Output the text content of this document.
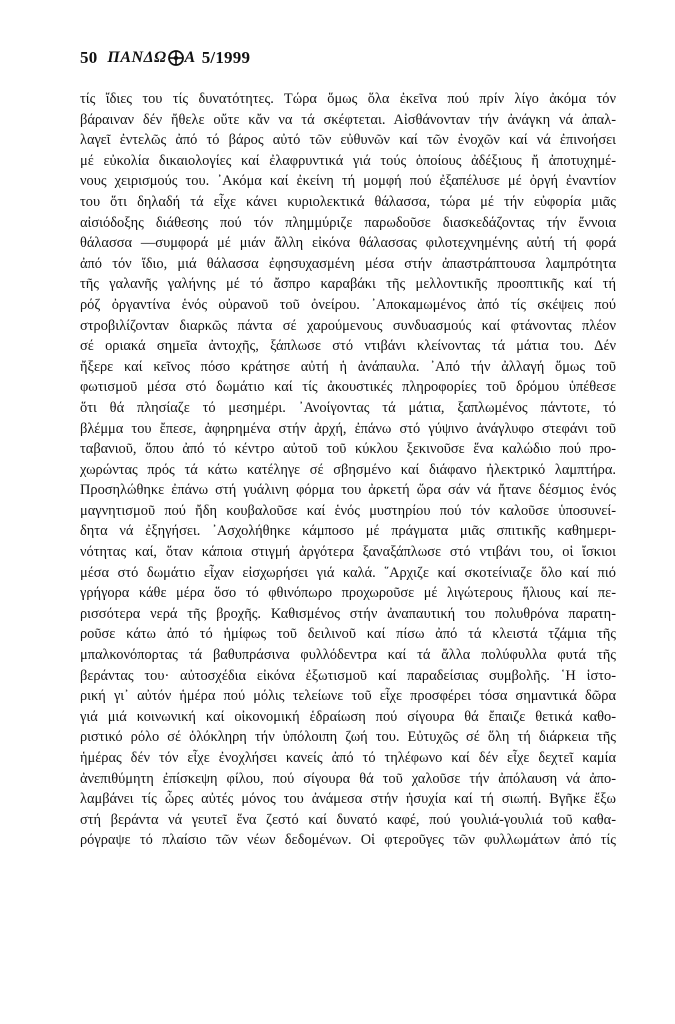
50 ΠΑΝΔΩ Α 5/1999
τίς ἴδιες του τίς δυνατότητες. Τώρα ὅμως ὅλα ἐκεῖνα πού πρίν λίγο ἀκόμα τόν
βάραιναν δέν ἤθελε οὔτε κἄν να τά σκέφτεται. Αἰσθάνονταν τήν ἀνάγκη νά ἀπαλ-
λαγεῖ ἐντελῶς ἀπό τό βάρος αὐτό τῶν εὐθυνῶν καί τῶν ἐνοχῶν καί νά ἐπινοήσει
μέ εὐκολία δικαιολογίες καί ἐλαφρυντικά γιά τούς ὁποίους ἀδέξιους ἤ ἀποτυχημέ-
νους χειρισμούς του. ᾽Ακόμα καί ἐκείνη τή μομφή πού ἐξαπέλυσε μέ ὀργή ἐναντίον
του ὅτι δηλαδή τά εἶχε κάνει κυριολεκτικά θάλασσα, τώρα μέ τήν εὐφορία μιᾶς
αἰσιόδοξης διάθεσης πού τόν πλημμύριζε παρωδοῦσε διασκεδάζοντας τήν ἔννοια
θάλασσα —συμφορά μέ μιάν ἄλλη εἰκόνα θάλασσας φιλοτεχνημένης αὐτή τή φορά
ἀπό τόν ἴδιο, μιά θάλασσα ἐφησυχασμένη μέσα στήν ἀπαστράπτουσα λαμπρότητα
τῆς γαλανῆς γαλήνης μέ τό ἄσπρο καραβάκι τῆς μελλοντικῆς προοπτικῆς καί τή
ρόζ ὀργαντίνα ἑνός οὐρανοῦ τοῦ ὀνείρου. ᾽Αποκαμωμένος ἀπό τίς σκέψεις πού
στροβιλίζονταν διαρκῶς πάντα σέ χαρούμενους συνδυασμούς καί φτάνοντας πλέον
σέ οριακά σημεῖα ἀντοχῆς, ξάπλωσε στό ντιβάνι κλείνοντας τά μάτια του. Δέν
ἤξερε καί κεῖνος πόσο κράτησε αὐτή ἡ ἀνάπαυλα. ᾽Από τήν ἀλλαγή ὅμως τοῦ
φωτισμοῦ μέσα στό δωμάτιο καί τίς ἀκουστικές πληροφορίες τοῦ δρόμου ὑπέθεσε
ὅτι θά πλησίαζε τό μεσημέρι. ᾽Ανοίγοντας τά μάτια, ξαπλωμένος πάντοτε, τό
βλέμμα του ἔπεσε, ἀφηρημένα στήν ἀρχή, ἐπάνω στό γύψινο ἀνάγλυφο στεφάνι τοῦ
ταβανιοῦ, ὅπου ἀπό τό κέντρο αὐτοῦ τοῦ κύκλου ξεκινοῦσε ἕνα καλώδιο πού προ-
χωρώντας πρός τά κάτω κατέληγε σέ σβησμένο καί διάφανο ἠλεκτρικό λαμπτήρα.
Προσηλώθηκε ἐπάνω στή γυάλινη φόρμα του ἀρκετή ὥρα σάν νά ἤτανε δέσμιος ἑνός
μαγνητισμοῦ πού ἤδη κουβαλοῦσε καί ἑνός μυστηρίου πού τόν καλοῦσε ὑποσυνεί-
δητα νά ἐξηγήσει. ᾽Ασχολήθηκε κάμποσο μέ πράγματα μιᾶς σπιτικῆς καθημερι-
νότητας καί, ὅταν κάποια στιγμή ἀργότερα ξαναξάπλωσε στό ντιβάνι του, οἱ ἴσκιοι
μέσα στό δωμάτιο εἶχαν εἰσχωρήσει γιά καλά. ῞Αρχιζε καί σκοτείνιαζε ὅλο καί πιό
γρήγορα κάθε μέρα ὅσο τό φθινόπωρο προχωροῦσε μέ λιγώτερους ἥλιους καί πε-
ρισσότερα νερά τῆς βροχῆς. Καθισμένος στήν ἀναπαυτική του πολυθρόνα παρατη-
ροῦσε κάτω ἀπό τό ἡμίφως τοῦ δειλινοῦ καί πίσω ἀπό τά κλειστά τζάμια τῆς
μπαλκονόπορτας τά βαθυπράσινα φυλλόδεντρα καί τά ἄλλα πολύφυλλα φυτά τῆς
βεράντας του· αὐτοσχέδια εἰκόνα ἐξωτισμοῦ καί παραδείσιας συμβολῆς. ῾Η ἱστο-
ρική γι᾽ αὐτόν ἡμέρα πού μόλις τελείωνε τοῦ εἶχε προσφέρει τόσα σημαντικά δῶρα
γιά μιά κοινωνική καί οἰκονομική ἑδραίωση πού σίγουρα θά ἔπαιζε θετικά καθο-
ριστικό ρόλο σέ ὁλόκληρη τήν ὑπόλοιπη ζωή του. Εὐτυχῶς σέ ὅλη τή διάρκεια τῆς
ἡμέρας δέν τόν εἶχε ἐνοχλήσει κανείς ἀπό τό τηλέφωνο καί δέν εἶχε δεχτεῖ καμία
ἀνεπιθύμητη ἐπίσκεψη φίλου, πού σίγουρα θά τοῦ χαλοῦσε τήν ἀπόλαυση νά ἀπο-
λαμβάνει τίς ὧρες αὐτές μόνος του ἀνάμεσα στήν ἡσυχία καί τή σιωπή. Βγῆκε ἔξω
στή βεράντα νά γευτεῖ ἕνα ζεστό καί δυνατό καφέ, πού γουλιά-γουλιά τοῦ καθα-
ρόγραψε τό πλαίσιο τῶν νέων δεδομένων. Οἱ φτεροῦγες τῶν φυλλωμάτων ἀπό τίς
